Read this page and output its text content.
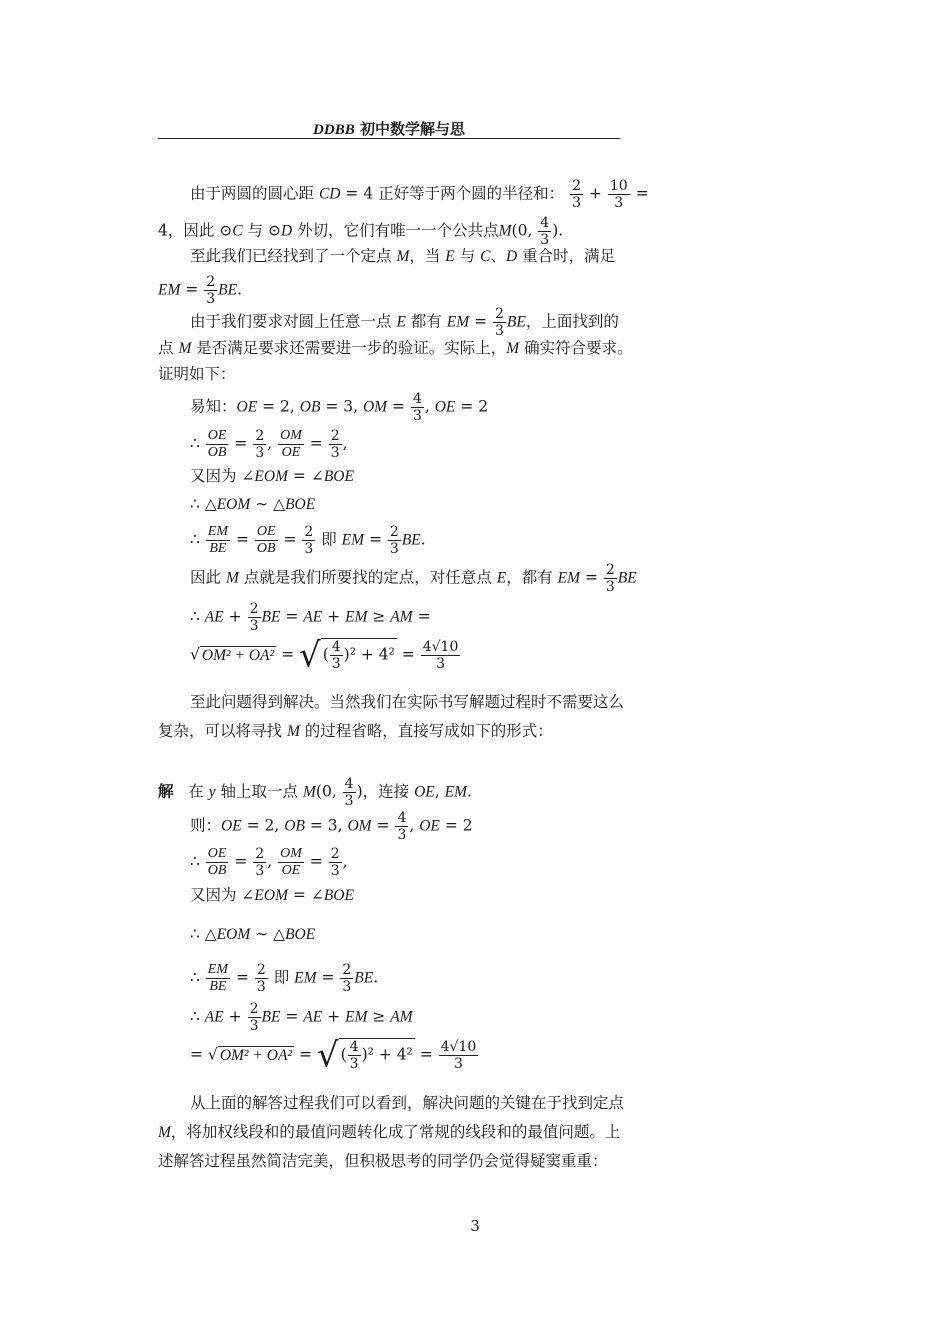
DDBB 初中数学解与思
由于两圆的圆心距 CD = 4 正好等于两个圆的半径和： $\frac{2}{3} + \frac{10}{3}$ =
4，因此 ⊙C 与 ⊙D 外切，它们有唯一一个公共点M(0, $\frac{4}{3}$ ).
至此我们已经找到了一个定点 M，当 E 与 C、D 重合时，满足
EM = $\frac{2}{3}$ BE.
由于我们要求对圆上任意一点 E 都有 EM = $\frac{2}{3}$ BE，上面找到的
点 M 是否满足要求还需要进一步的验证。实际上，M 确实符合要求。
证明如下：
易知：OE = 2, OB = 3, OM = $\frac{4}{3}$ , OE = 2
∴ $\frac{OE}{OB} = \frac{2}{3}$ , $\frac{OM}{OE} = \frac{2}{3}$ ,
又因为 ∠EOM = ∠BOE
∴ △EOM ∼ △BOE
∴ $\frac{EM}{BE} = \frac{OE}{OB} = \frac{2}{3}$ 即 EM = $\frac{2}{3}$ BE.
因此 M 点就是我们所要找的定点，对任意点 E，都有 EM = $\frac{2}{3}$ BE
∴ AE + $\frac{2}{3}$ BE = AE + EM ≥ AM =
√ OM² + OA² = √ ( $\frac{4}{3} )^2 + 4^2 = \frac{4√10}{3}$
至此问题得到解决。当然我们在实际书写解题过程时不需要这么
复杂，可以将寻找 M 的过程省略，直接写成如下的形式：
解 在 y 轴上取一点 M(0, $\frac{4}{3}$ )，连接 OE, EM.
则：OE = 2, OB = 3, OM = $\frac{4}{3}$ , OE = 2
∴ $\frac{OE}{OB} = \frac{2}{3}$ , $\frac{OM}{OE} = \frac{2}{3}$ ,
又因为 ∠EOM = ∠BOE
∴ △EOM ∼ △BOE
∴ $\frac{EM}{BE} = \frac{2}{3}$ 即 EM = $\frac{2}{3}$ BE.
∴ AE + $\frac{2}{3}$ BE = AE + EM ≥ AM
= √ OM² + OA² = √ ( $\frac{4}{3} )^2 + 4^2 = \frac{4√10}{3}$
从上面的解答过程我们可以看到，解决问题的关键在于找到定点
M，将加权线段和的最值问题转化成了常规的线段和的最值问题。上
述解答过程虽然简洁完美，但积极思考的同学仍会觉得疑窦重重：
3
